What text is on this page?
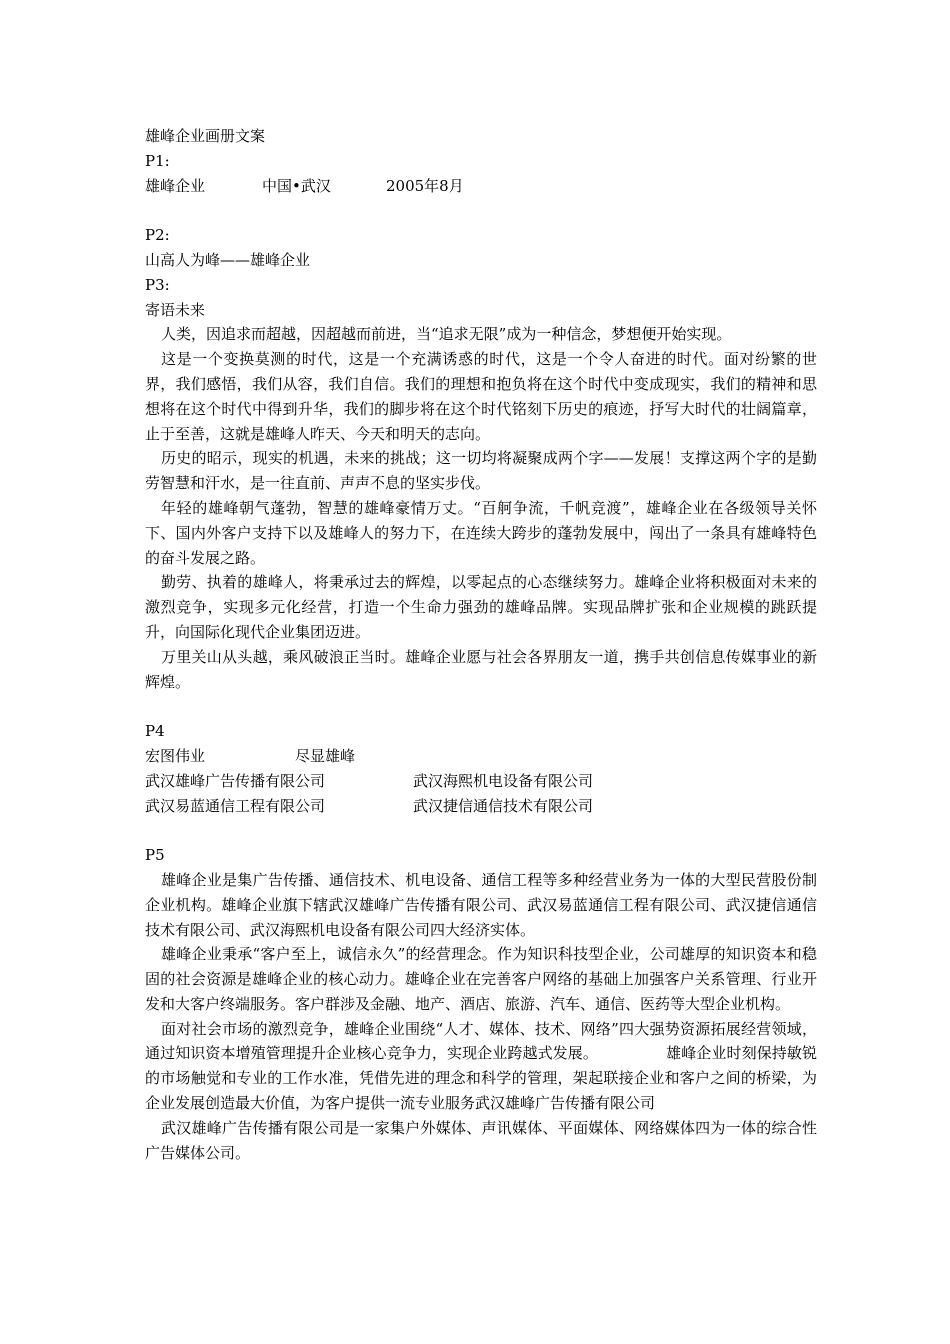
雄峰企业画册文案
P1:
雄峰企业	中国•武汉	2005年8月
P2:
山高人为峰——雄峰企业
P3:
寄语未来
人类，因追求而超越，因超越而前进，当“追求无限”成为一种信念，梦想便开始实现。
这是一个变换莫测的时代，这是一个充满诱惑的时代，这是一个令人奋进的时代。面对纷繁的世界，我们感悟，我们从容，我们自信。我们的理想和抱负将在这个时代中变成现实，我们的精神和思想将在这个时代中得到升华，我们的脚步将在这个时代铭刻下历史的痕迹，抒写大时代的壮阔篇章，止于至善，这就是雄峰人昨天、今天和明天的志向。
历史的昭示，现实的机遇，未来的挑战；这一切均将凝聚成两个字——发展！支撑这两个字的是勤劳智慧和汗水，是一往直前、声声不息的坚实步伐。
年轻的雄峰朝气蓬勃，智慧的雄峰豪情万丈。“百舸争流，千帆竞渡”，雄峰企业在各级领导关怀下、国内外客户支持下以及雄峰人的努力下，在连续大跨步的蓬勃发展中，闯出了一条具有雄峰特色的奋斗发展之路。
勤劳、执着的雄峰人，将秉承过去的辉煌，以零起点的心态继续努力。雄峰企业将积极面对未来的激烈竞争，实现多元化经营，打造一个生命力强劲的雄峰品牌。实现品牌扩张和企业规模的跳跃提升，向国际化现代企业集团迈进。
万里关山从头越，乘风破浪正当时。雄峰企业愿与社会各界朋友一道，携手共创信息传媒事业的新辉煌。
P4
宏图伟业	尽显雄峰
武汉雄峰广告传播有限公司	武汉海熙机电设备有限公司
武汉易蓝通信工程有限公司	武汉捷信通信技术有限公司
P5
雄峰企业是集广告传播、通信技术、机电设备、通信工程等多种经营业务为一体的大型民营股份制企业机构。雄峰企业旗下辖武汉雄峰广告传播有限公司、武汉易蓝通信工程有限公司、武汉捷信通信技术有限公司、武汉海熙机电设备有限公司四大经济实体。
雄峰企业秉承“客户至上，诚信永久”的经营理念。作为知识科技型企业，公司雄厚的知识资本和稳固的社会资源是雄峰企业的核心动力。雄峰企业在完善客户网络的基础上加强客户关系管理、行业开发和大客户终端服务。客户群涉及金融、地产、酒店、旅游、汽车、通信、医药等大型企业机构。
面对社会市场的激烈竞争，雄峰企业围绕“人才、媒体、技术、网络”四大强势资源拓展经营领域，通过知识资本增殖管理提升企业核心竞争力，实现企业跨越式发展。              雄峰企业时刻保持敏锐的市场触觉和专业的工作水准，凭借先进的理念和科学的管理，架起联接企业和客户之间的桥梁，为企业发展创造最大价值，为客户提供一流专业服务武汉雄峰广告传播有限公司
武汉雄峰广告传播有限公司是一家集户外媒体、声讯媒体、平面媒体、网络媒体四为一体的综合性广告媒体公司。
